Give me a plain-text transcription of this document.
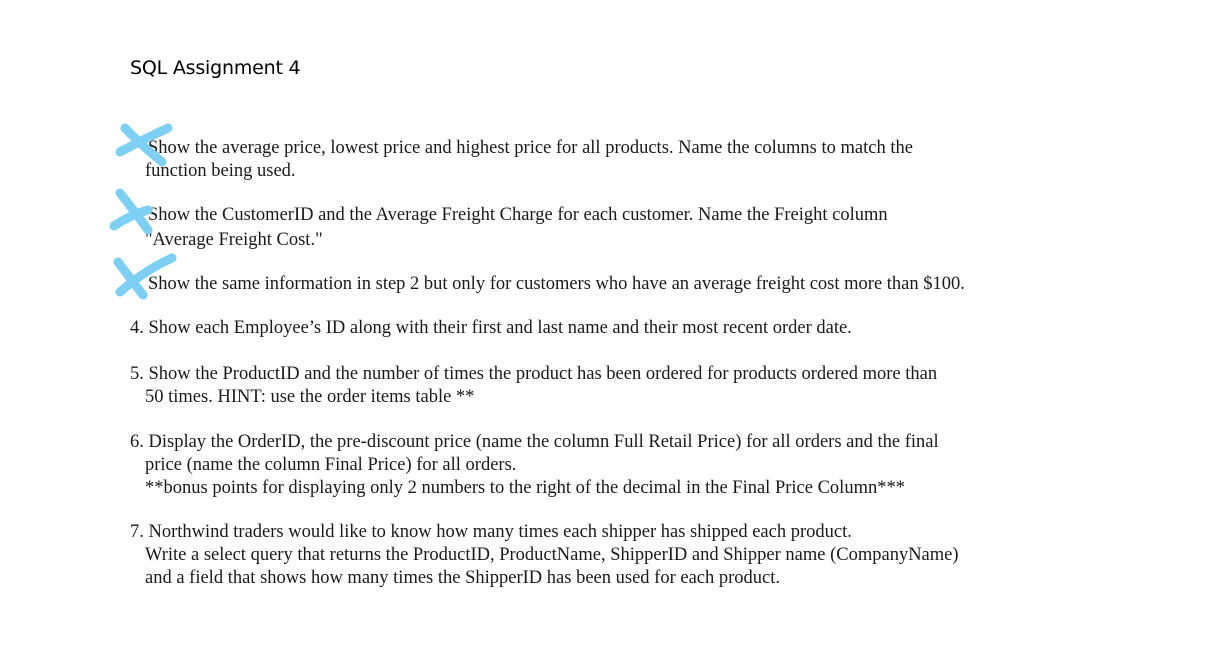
SQL Assignment 4
Show the average price, lowest price and highest price for all products. Name the columns to match the
function being used.
Show the CustomerID and the Average Freight Charge for each customer. Name the Freight column
"Average Freight Cost."
Show the same information in step 2 but only for customers who have an average freight cost more than $100.
4. Show each Employee’s ID along with their first and last name and their most recent order date.
5. Show the ProductID and the number of times the product has been ordered for products ordered more than
50 times. HINT: use the order items table **
6. Display the OrderID, the pre-discount price (name the column Full Retail Price) for all orders and the final
price (name the column Final Price) for all orders.
**bonus points for displaying only 2 numbers to the right of the decimal in the Final Price Column***
7. Northwind traders would like to know how many times each shipper has shipped each product.
Write a select query that returns the ProductID, ProductName, ShipperID and Shipper name (CompanyName)
and a field that shows how many times the ShipperID has been used for each product.
